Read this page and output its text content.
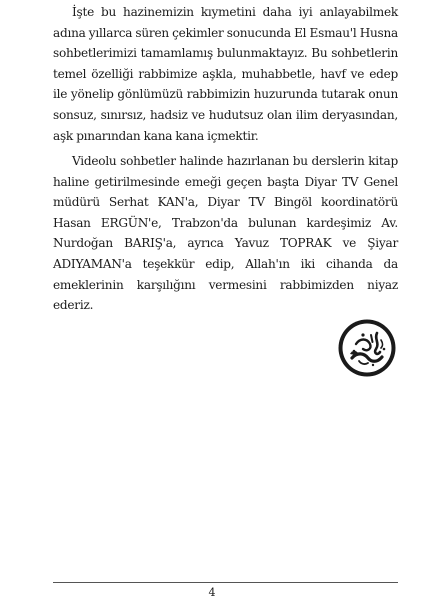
İşte bu hazinemizin kıymetini daha iyi anlayabilmek adına yıllarca süren çekimler sonucunda El Esmau'l Husna sohbetlerimizi tamamlamış bulunmaktayız. Bu sohbetlerin temel özelliği rabbimize aşkla, muhabbetle, havf ve edep ile yönelip gönlümüzü rabbimizin huzurunda tutarak onun sonsuz, sınırsız, hadsiz ve hudutsuz olan ilim deryasından, aşk pınarından kana kana içmektir.

Videolu sohbetler halinde hazırlanan bu derslerin kitap haline getirilmesinde emeği geçen başta Diyar TV Genel müdürü Serhat KAN'a, Diyar TV Bingöl koordinatörü Hasan ERGÜN'e, Trabzon'da bulunan kardeşimiz Av. Nurdoğan BARIŞ'a, ayrıca Yavuz TOPRAK ve Şiyar ADIYAMAN'a teşekkür edip, Allah'ın iki cihanda da emeklerinin karşılığını vermesini rabbimizden niyaz ederiz.

4
